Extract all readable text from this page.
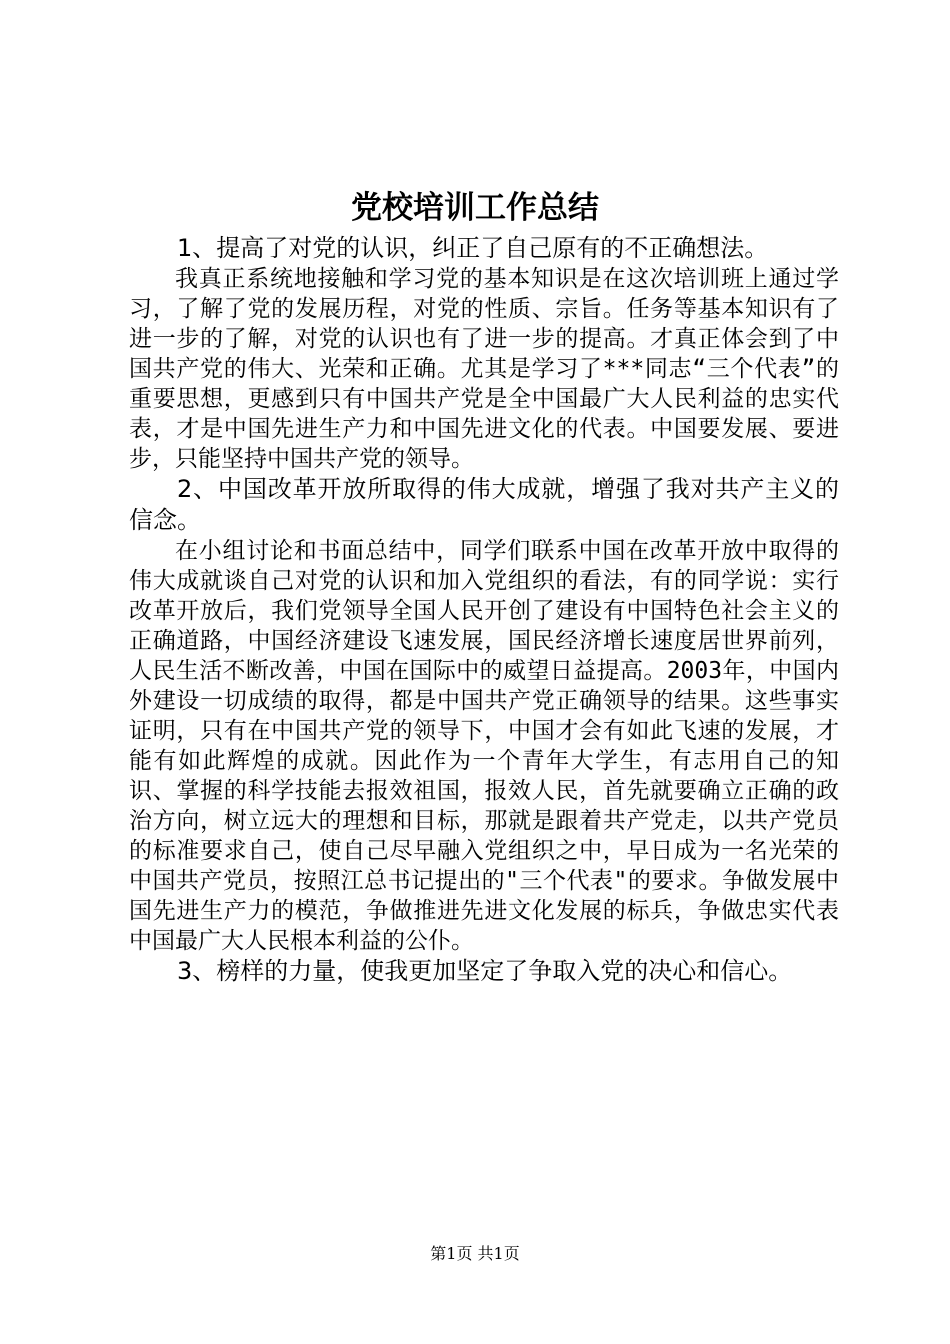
党校培训工作总结

1、提高了对党的认识，纠正了自己原有的不正确想法。

我真正系统地接触和学习党的基本知识是在这次培训班上通过学习，了解了党的发展历程，对党的性质、宗旨。任务等基本知识有了进一步的了解，对党的认识也有了进一步的提高。才真正体会到了中国共产党的伟大、光荣和正确。尤其是学习了***同志“三个代表”的重要思想，更感到只有中国共产党是全中国最广大人民利益的忠实代表，才是中国先进生产力和中国先进文化的代表。中国要发展、要进步，只能坚持中国共产党的领导。

2、中国改革开放所取得的伟大成就，增强了我对共产主义的信念。

在小组讨论和书面总结中，同学们联系中国在改革开放中取得的伟大成就谈自己对党的认识和加入党组织的看法，有的同学说：实行改革开放后，我们党领导全国人民开创了建设有中国特色社会主义的正确道路，中国经济建设飞速发展，国民经济增长速度居世界前列，人民生活不断改善，中国在国际中的威望日益提高。2003年，中国内外建设一切成绩的取得，都是中国共产党正确领导的结果。这些事实证明，只有在中国共产党的领导下，中国才会有如此飞速的发展，才能有如此辉煌的成就。因此作为一个青年大学生，有志用自己的知识、掌握的科学技能去报效祖国，报效人民，首先就要确立正确的政治方向，树立远大的理想和目标，那就是跟着共产党走，以共产党员的标准要求自己，使自己尽早融入党组织之中，早日成为一名光荣的中国共产党员，按照江总书记提出的"三个代表"的要求。争做发展中国先进生产力的模范，争做推进先进文化发展的标兵，争做忠实代表中国最广大人民根本利益的公仆。

3、榜样的力量，使我更加坚定了争取入党的决心和信心。

第1页 共1页
